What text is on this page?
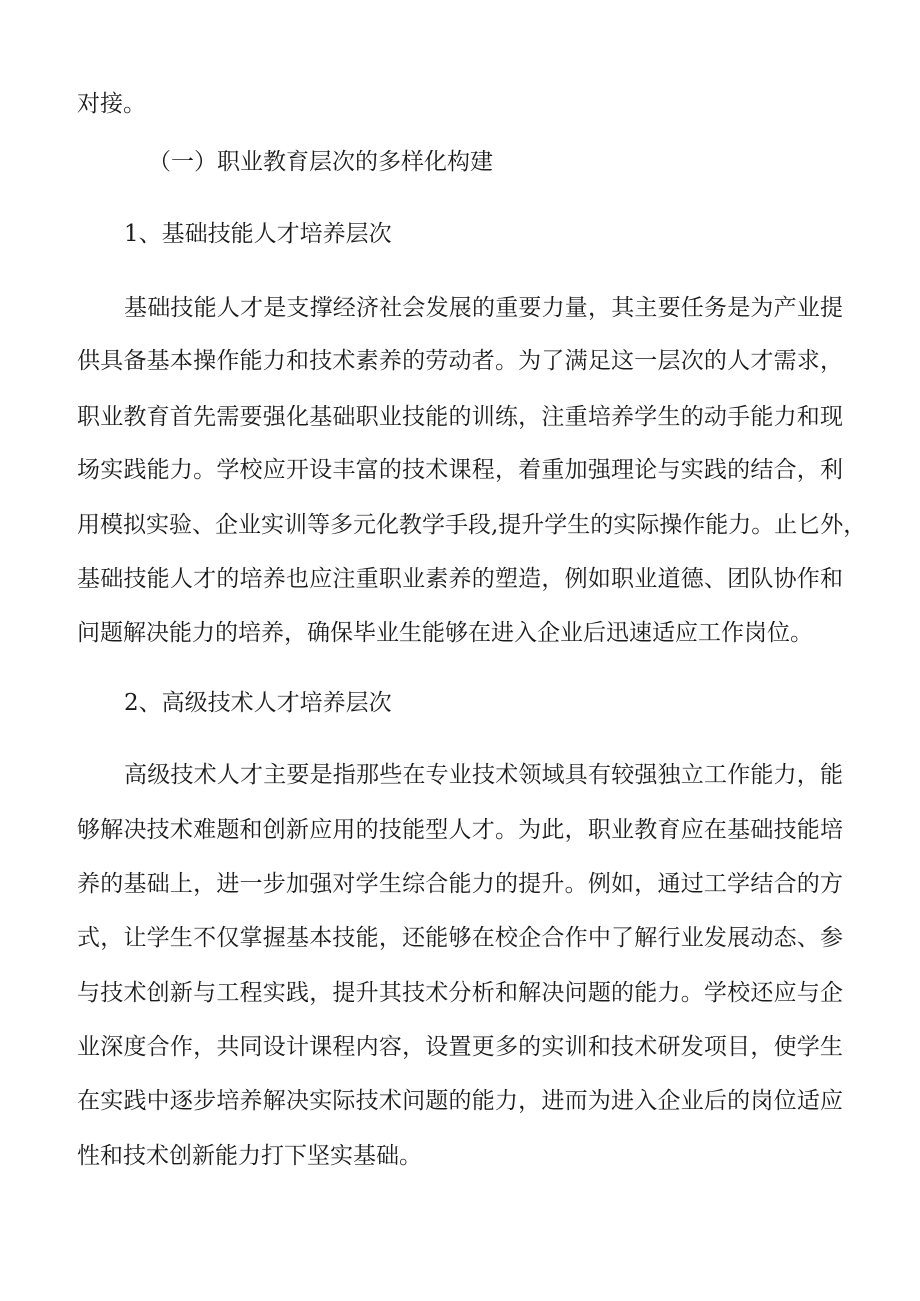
对接。
（一）职业教育层次的多样化构建
1、基础技能人才培养层次
基础技能人才是支撑经济社会发展的重要力量，其主要任务是为产业提
供具备基本操作能力和技术素养的劳动者。为了满足这一层次的人才需求，
职业教育首先需要强化基础职业技能的训练，注重培养学生的动手能力和现
场实践能力。学校应开设丰富的技术课程，着重加强理论与实践的结合，利
用模拟实验、企业实训等多元化教学手段,提升学生的实际操作能力。止匕外，
基础技能人才的培养也应注重职业素养的塑造，例如职业道德、团队协作和
问题解决能力的培养，确保毕业生能够在进入企业后迅速适应工作岗位。
2、高级技术人才培养层次
高级技术人才主要是指那些在专业技术领域具有较强独立工作能力，能
够解决技术难题和创新应用的技能型人才。为此，职业教育应在基础技能培
养的基础上，进一步加强对学生综合能力的提升。例如，通过工学结合的方
式，让学生不仅掌握基本技能，还能够在校企合作中了解行业发展动态、参
与技术创新与工程实践，提升其技术分析和解决问题的能力。学校还应与企
业深度合作，共同设计课程内容，设置更多的实训和技术研发项目，使学生
在实践中逐步培养解决实际技术问题的能力，进而为进入企业后的岗位适应
性和技术创新能力打下坚实基础。
